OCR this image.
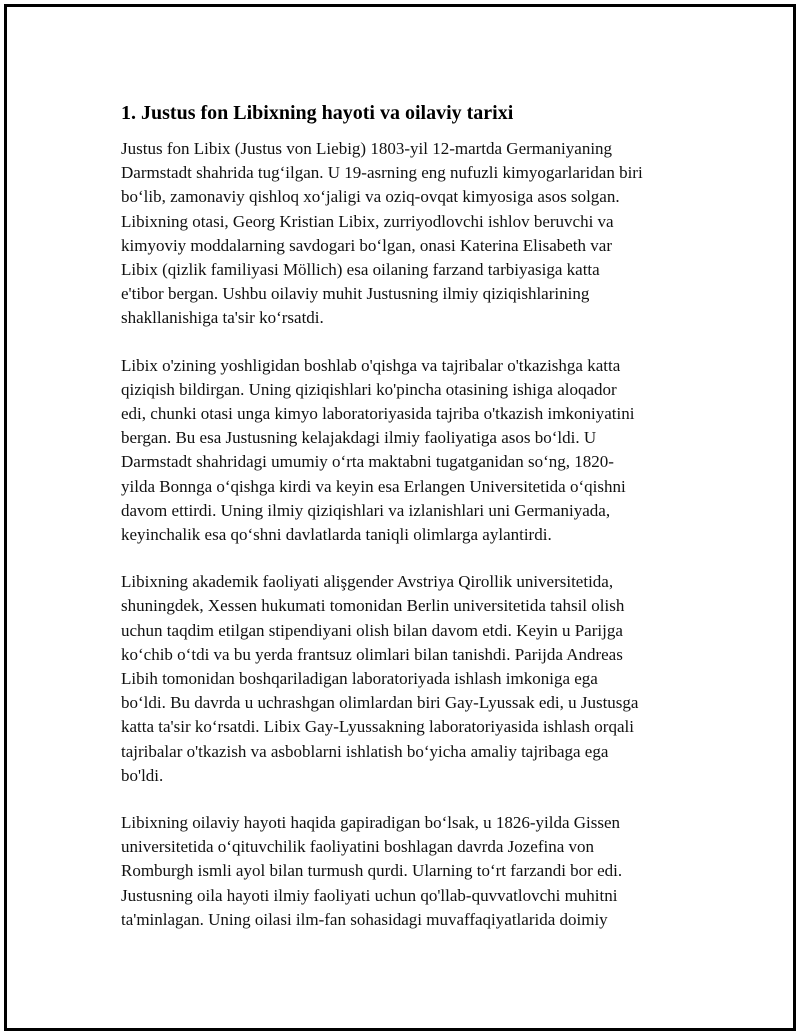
1. Justus fon Libixning hayoti va oilaviy tarixi
Justus fon Libix (Justus von Liebig) 1803-yil 12-martda Germaniyaning
Darmstadt shahrida tug‘ilgan. U 19-asrning eng nufuzli kimyogarlaridan biri
bo‘lib, zamonaviy qishloq xo‘jaligi va oziq-ovqat kimyosiga asos solgan.
Libixning otasi, Georg Kristian Libix, zurriyodlovchi ishlov beruvchi va
kimyoviy moddalarning savdogari bo‘lgan, onasi Katerina Elisabeth var
Libix (qizlik familiyasi Möllich) esa oilaning farzand tarbiyasiga katta
e'tibor bergan. Ushbu oilaviy muhit Justusning ilmiy qiziqishlarining
shakllanishiga ta'sir ko‘rsatdi.
Libix o'zining yoshligidan boshlab o'qishga va tajribalar o'tkazishga katta
qiziqish bildirgan. Uning qiziqishlari ko'pincha otasining ishiga aloqador
edi, chunki otasi unga kimyo laboratoriyasida tajriba o'tkazish imkoniyatini
bergan. Bu esa Justusning kelajakdagi ilmiy faoliyatiga asos bo‘ldi. U
Darmstadt shahridagi umumiy o‘rta maktabni tugatganidan so‘ng, 1820-
yilda Bonnga o‘qishga kirdi va keyin esa Erlangen Universitetida o‘qishni
davom ettirdi. Uning ilmiy qiziqishlari va izlanishlari uni Germaniyada,
keyinchalik esa qo‘shni davlatlarda taniqli olimlarga aylantirdi.
Libixning akademik faoliyati alişgender Avstriya Qirollik universitetida,
shuningdek, Xessen hukumati tomonidan Berlin universitetida tahsil olish
uchun taqdim etilgan stipendiyani olish bilan davom etdi. Keyin u Parijga
ko‘chib o‘tdi va bu yerda frantsuz olimlari bilan tanishdi. Parijda Andreas
Libih tomonidan boshqariladigan laboratoriyada ishlash imkoniga ega
bo‘ldi. Bu davrda u uchrashgan olimlardan biri Gay-Lyussak edi, u Justusga
katta ta'sir ko‘rsatdi. Libix Gay-Lyussakning laboratoriyasida ishlash orqali
tajribalar o'tkazish va asboblarni ishlatish bo‘yicha amaliy tajribaga ega
bo'ldi.
Libixning oilaviy hayoti haqida gapiradigan bo‘lsak, u 1826-yilda Gissen
universitetida o‘qituvchilik faoliyatini boshlagan davrda Jozefina von
Romburgh ismli ayol bilan turmush qurdi. Ularning to‘rt farzandi bor edi.
Justusning oila hayoti ilmiy faoliyati uchun qo'llab-quvvatlovchi muhitni
ta'minlagan. Uning oilasi ilm-fan sohasidagi muvaffaqiyatlarida doimiy
